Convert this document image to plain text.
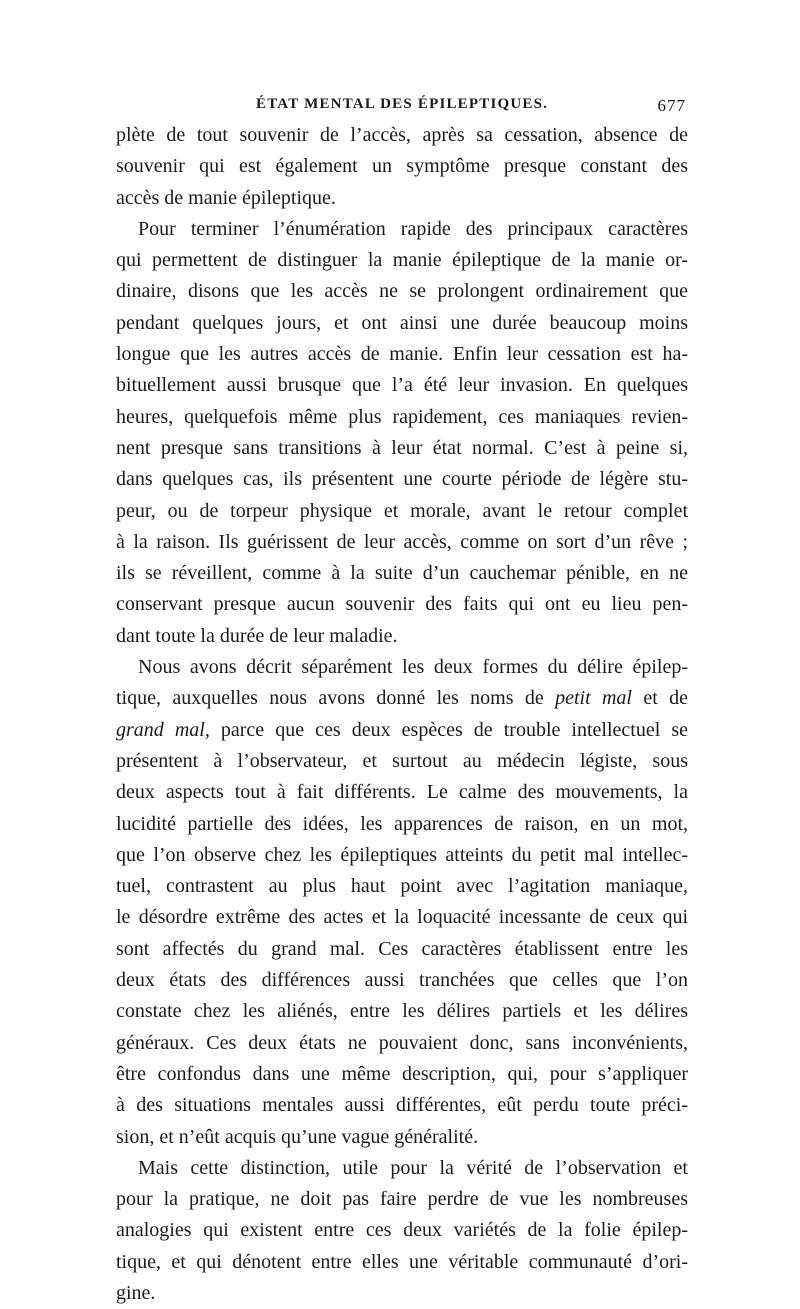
ÉTAT MENTAL DES ÉPILEPTIQUES.	677
plète de tout souvenir de l’accès, après sa cessation, absence de
souvenir qui est également un symptôme presque constant des
accès de manie épileptique.
Pour terminer l’énumération rapide des principaux caractères
qui permettent de distinguer la manie épileptique de la manie or-
dinaire, disons que les accès ne se prolongent ordinairement que
pendant quelques jours, et ont ainsi une durée beaucoup moins
longue que les autres accès de manie. Enfin leur cessation est ha-
bituellement aussi brusque que l’a été leur invasion. En quelques
heures, quelquefois même plus rapidement, ces maniaques revien-
nent presque sans transitions à leur état normal. C’est à peine si,
dans quelques cas, ils présentent une courte période de légère stu-
peur, ou de torpeur physique et morale, avant le retour complet
à la raison. Ils guérissent de leur accès, comme on sort d’un rêve ;
ils se réveillent, comme à la suite d’un cauchemar pénible, en ne
conservant presque aucun souvenir des faits qui ont eu lieu pen-
dant toute la durée de leur maladie.
Nous avons décrit séparément les deux formes du délire épilep-
tique, auxquelles nous avons donné les noms de petit mal et de
grand mal, parce que ces deux espèces de trouble intellectuel se
présentent à l’observateur, et surtout au médecin légiste, sous
deux aspects tout à fait différents. Le calme des mouvements, la
lucidité partielle des idées, les apparences de raison, en un mot,
que l’on observe chez les épileptiques atteints du petit mal intellec-
tuel, contrastent au plus haut point avec l’agitation maniaque,
le désordre extrême des actes et la loquacité incessante de ceux qui
sont affectés du grand mal. Ces caractères établissent entre les
deux états des différences aussi tranchées que celles que l’on
constate chez les aliénés, entre les délires partiels et les délires
généraux. Ces deux états ne pouvaient donc, sans inconvénients,
être confondus dans une même description, qui, pour s’appliquer
à des situations mentales aussi différentes, eût perdu toute préci-
sion, et n’eût acquis qu’une vague généralité.
Mais cette distinction, utile pour la vérité de l’observation et
pour la pratique, ne doit pas faire perdre de vue les nombreuses
analogies qui existent entre ces deux variétés de la folie épilep-
tique, et qui dénotent entre elles une véritable communauté d’ori-
gine.
